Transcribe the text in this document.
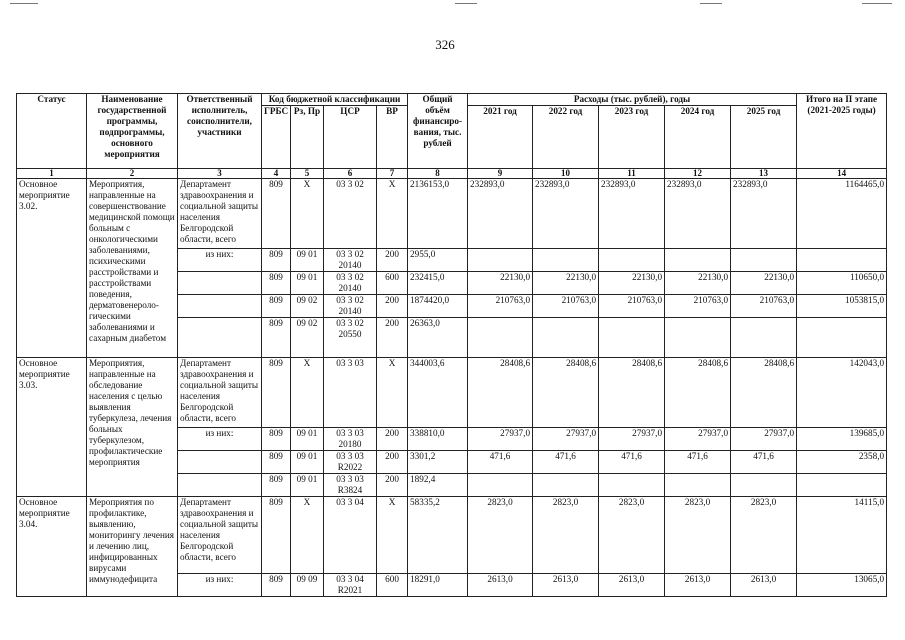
326
Статус	Наименование государственной программы, подпрограммы, основного мероприятия	Ответственный исполнитель, соисполнители, участники	Код бюджетной классификации				Общий объём финансиро-вания, тыс. рублей	Расходы (тыс. рублей), годы					Итого на II этапе (2021-2025 годы)
			ГРБС	Рз, Пр	ЦСР	ВР		2021 год	2022 год	2023 год	2024 год	2025 год	
1	2	3	4	5	6	7	8	9	10	11	12	13	14
Основное мероприятие 3.02.	Мероприятия, направленные на совершенствование медицинской помощи больным с онкологическими заболеваниями, психическими расстройствами и расстройствами поведения, дерматовенероло-гическими заболеваниями и сахарным диабетом	Департамент здравоохранения и социальной защиты населения Белгородской области, всего	809	X	03 3 02	X	2136153,0	232893,0	232893,0	232893,0	232893,0	232893,0	1164465,0
		из них:	809	09 01	03 3 02 20140	200	2955,0						
			809	09 01	03 3 02 20140	600	232415,0	22130,0	22130,0	22130,0	22130,0	22130,0	110650,0
			809	09 02	03 3 02 20140	200	1874420,0	210763,0	210763,0	210763,0	210763,0	210763,0	1053815,0
			809	09 02	03 3 02 20550	200	26363,0						
Основное мероприятие 3.03.	Мероприятия, направленные на обследование населения с целью выявления туберкулеза, лечения больных туберкулезом, профилактические мероприятия	Департамент здравоохранения и социальной защиты населения Белгородской области, всего	809	X	03 3 03	X	344003,6	28408,6	28408,6	28408,6	28408,6	28408,6	142043,0
		из них:	809	09 01	03 3 03 20180	200	338810,0	27937,0	27937,0	27937,0	27937,0	27937,0	139685,0
			809	09 01	03 3 03 R2022	200	3301,2	471,6	471,6	471,6	471,6	471,6	2358,0
			809	09 01	03 3 03 R3824	200	1892,4						
Основное мероприятие 3.04.	Мероприятия по профилактике, выявлению, мониторингу лечения и лечению лиц, инфицированных вирусами иммунодефицита	Департамент здравоохранения и социальной защиты населения Белгородской области, всего	809	X	03 3 04	X	58335,2	2823,0	2823,0	2823,0	2823,0	2823,0	14115,0
		из них:	809	09 09	03 3 04 R2021	600	18291,0	2613,0	2613,0	2613,0	2613,0	2613,0	13065,0
